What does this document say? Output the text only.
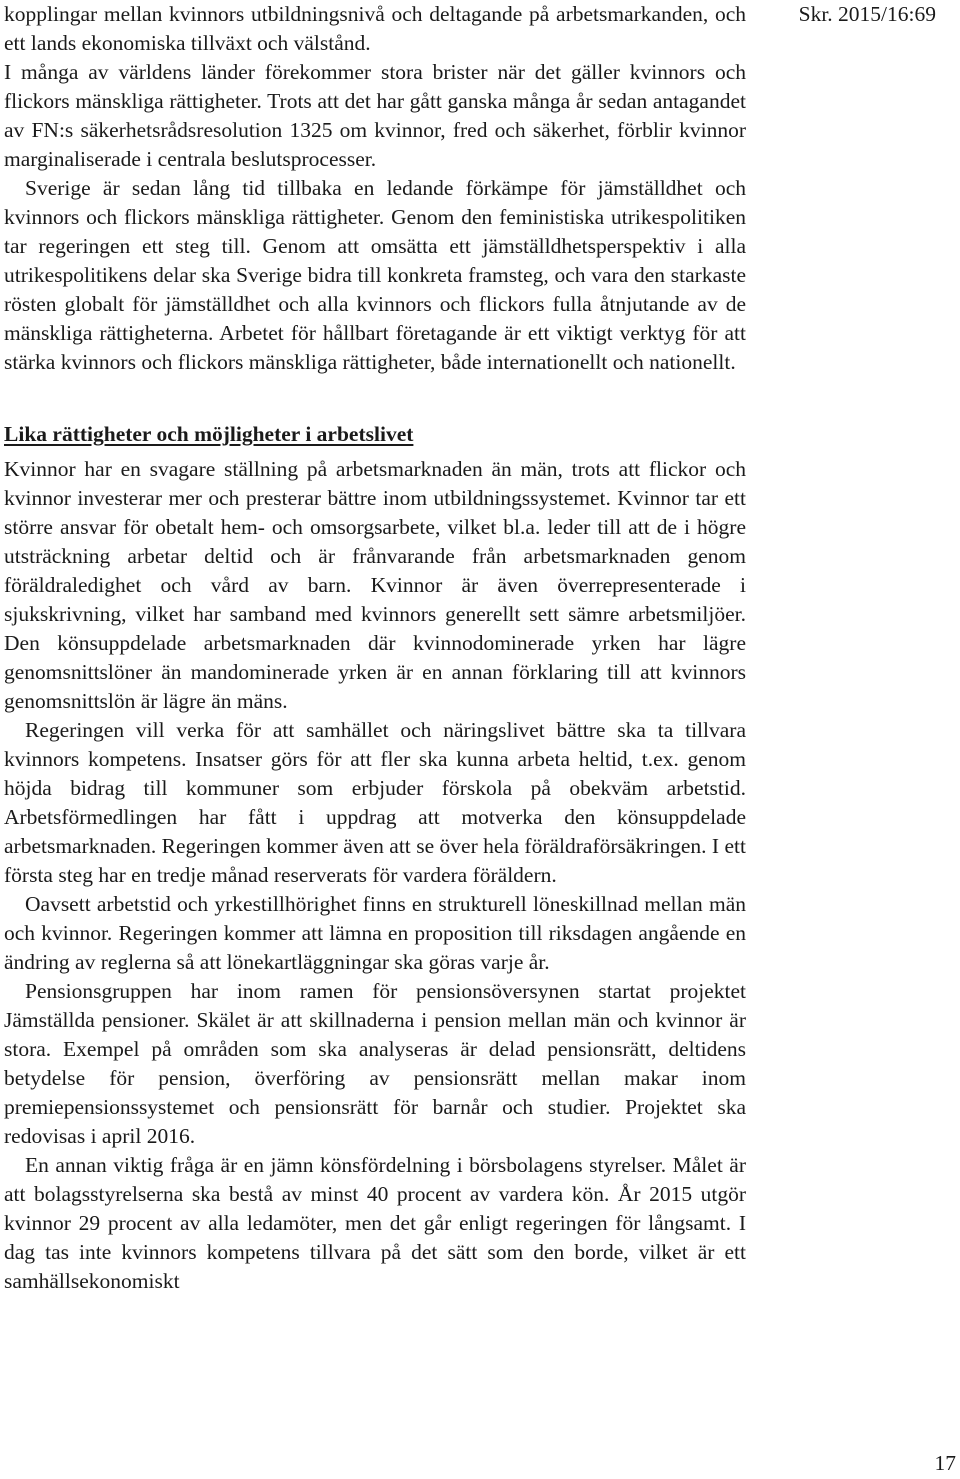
Skr. 2015/16:69

kopplingar mellan kvinnors utbildningsnivå och deltagande på arbetsmarkanden, och ett lands ekonomiska tillväxt och välstånd.

I många av världens länder förekommer stora brister när det gäller kvinnors och flickors mänskliga rättigheter. Trots att det har gått ganska många år sedan antagandet av FN:s säkerhetsrådsresolution 1325 om kvinnor, fred och säkerhet, förblir kvinnor marginaliserade i centrala beslutsprocesser.

Sverige är sedan lång tid tillbaka en ledande förkämpe för jämställdhet och kvinnors och flickors mänskliga rättigheter. Genom den feministiska utrikespolitiken tar regeringen ett steg till. Genom att omsätta ett jämställdhetsperspektiv i alla utrikespolitikens delar ska Sverige bidra till konkreta framsteg, och vara den starkaste rösten globalt för jämställdhet och alla kvinnors och flickors fulla åtnjutande av de mänskliga rättigheterna. Arbetet för hållbart företagande är ett viktigt verktyg för att stärka kvinnors och flickors mänskliga rättigheter, både internationellt och nationellt.

Lika rättigheter och möjligheter i arbetslivet

Kvinnor har en svagare ställning på arbetsmarknaden än män, trots att flickor och kvinnor investerar mer och presterar bättre inom utbildningssystemet. Kvinnor tar ett större ansvar för obetalt hem- och omsorgsarbete, vilket bl.a. leder till att de i högre utsträckning arbetar deltid och är frånvarande från arbetsmarknaden genom föräldraledighet och vård av barn. Kvinnor är även överrepresenterade i sjukskrivning, vilket har samband med kvinnors generellt sett sämre arbetsmiljöer. Den könsuppdelade arbetsmarknaden där kvinnodominerade yrken har lägre genomsnittslöner än mandominerade yrken är en annan förklaring till att kvinnors genomsnittslön är lägre än mäns.

Regeringen vill verka för att samhället och näringslivet bättre ska ta tillvara kvinnors kompetens. Insatser görs för att fler ska kunna arbeta heltid, t.ex. genom höjda bidrag till kommuner som erbjuder förskola på obekväm arbetstid. Arbetsförmedlingen har fått i uppdrag att motverka den könsuppdelade arbetsmarknaden. Regeringen kommer även att se över hela föräldraförsäkringen. I ett första steg har en tredje månad reserverats för vardera föräldern.

Oavsett arbetstid och yrkestillhörighet finns en strukturell löneskillnad mellan män och kvinnor. Regeringen kommer att lämna en proposition till riksdagen angående en ändring av reglerna så att lönekartläggningar ska göras varje år.

Pensionsgruppen har inom ramen för pensionsöversynen startat projektet Jämställda pensioner. Skälet är att skillnaderna i pension mellan män och kvinnor är stora. Exempel på områden som ska analyseras är delad pensionsrätt, deltidens betydelse för pension, överföring av pensionsrätt mellan makar inom premiepensionssystemet och pensionsrätt för barnår och studier. Projektet ska redovisas i april 2016.

En annan viktig fråga är en jämn könsfördelning i börsbolagens styrelser. Målet är att bolagsstyrelserna ska bestå av minst 40 procent av vardera kön. År 2015 utgör kvinnor 29 procent av alla ledamöter, men det går enligt regeringen för långsamt. I dag tas inte kvinnors kompetens tillvara på det sätt som den borde, vilket är ett samhällsekonomiskt

17
